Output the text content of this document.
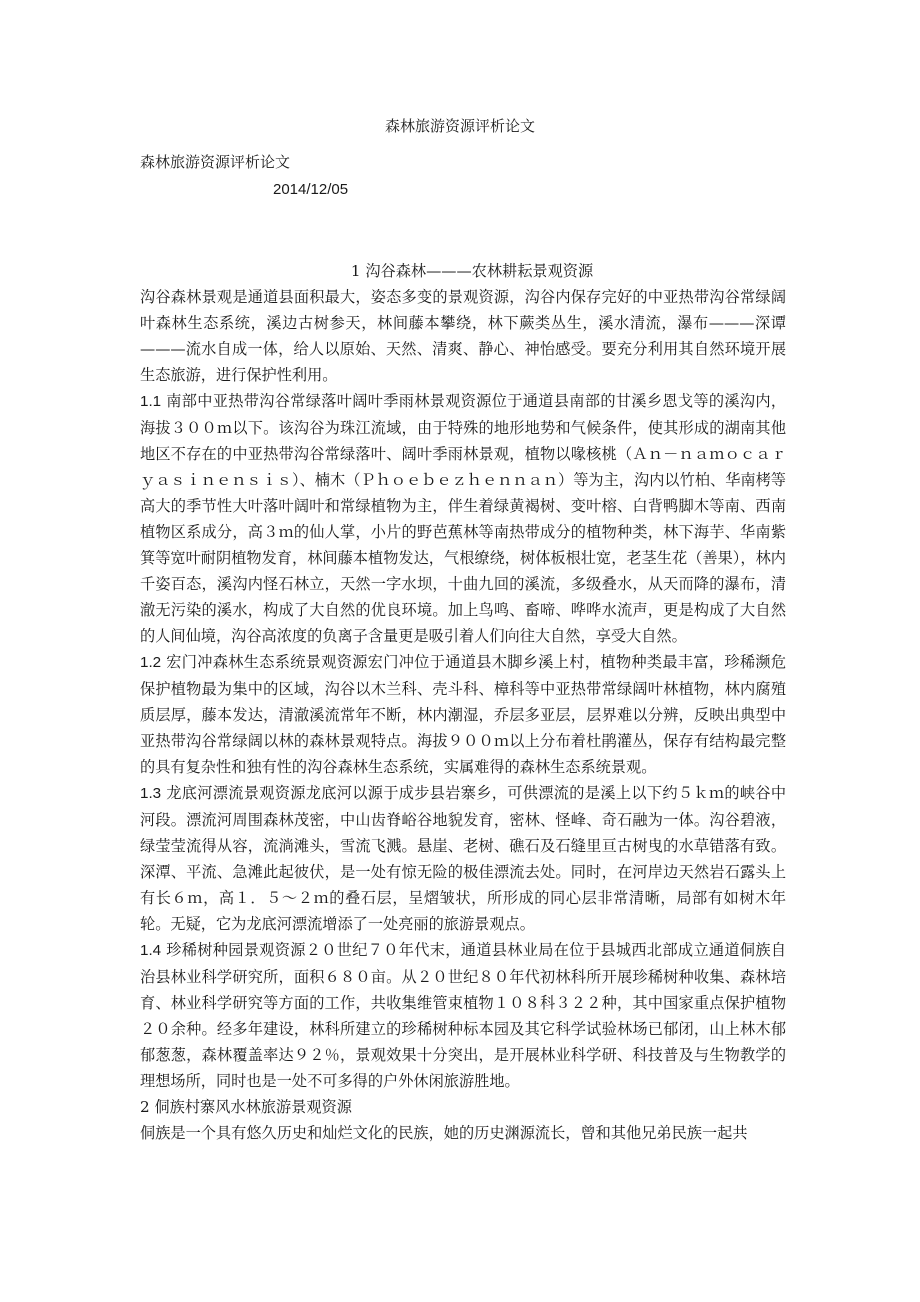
森林旅游资源评析论文
森林旅游资源评析论文
2014/12/05
1 沟谷森林———农林耕耘景观资源

沟谷森林景观是通道县面积最大，姿态多变的景观资源，沟谷内保存完好的中亚热带沟谷常绿阔叶森林生态系统，溪边古树参天，林间藤本攀绕，林下蕨类丛生，溪水清流，瀑布———深谭———流水自成一体，给人以原始、天然、清爽、静心、神怡感受。要充分利用其自然环境开展生态旅游，进行保护性利用。

1.1 南部中亚热带沟谷常绿落叶阔叶季雨林景观资源位于通道县南部的甘溪乡恩戈等的溪沟内，海拔３００ｍ以下。该沟谷为珠江流域，由于特殊的地形地势和气候条件，使其形成的湖南其他地区不存在的中亚热带沟谷常绿落叶、阔叶季雨林景观，植物以喙核桃（Ａｎ－ｎａｍｏｃａｒｙａｓｉｎｅｎｓｉｓ）、楠木（Ｐｈｏｅｂｅｚｈｅｎｎａｎ）等为主，沟内以竹柏、华南栲等高大的季节性大叶落叶阔叶和常绿植物为主，伴生着绿黄褐树、变叶榕、白背鸭脚木等南、西南植物区系成分，高３ｍ的仙人掌，小片的野芭蕉林等南热带成分的植物种类，林下海芋、华南紫箕等宽叶耐阴植物发育，林间藤本植物发达，气根缭绕，树体板根壮宽，老茎生花（善果），林内千姿百态，溪沟内怪石林立，天然一字水坝，十曲九回的溪流，多级叠水，从天而降的瀑布，清澈无污染的溪水，构成了大自然的优良环境。加上鸟鸣、畜啼、哗哗水流声，更是构成了大自然的人间仙境，沟谷高浓度的负离子含量更是吸引着人们向往大自然，享受大自然。

1.2 宏门冲森林生态系统景观资源宏门冲位于通道县木脚乡溪上村，植物种类最丰富，珍稀濒危保护植物最为集中的区域，沟谷以木兰科、壳斗科、樟科等中亚热带常绿阔叶林植物，林内腐殖质层厚，藤本发达，清澈溪流常年不断，林内潮湿，乔层多亚层，层界难以分辨，反映出典型中亚热带沟谷常绿阔以林的森林景观特点。海拔９００ｍ以上分布着杜鹃灌丛，保存有结构最完整的具有复杂性和独有性的沟谷森林生态系统，实属难得的森林生态系统景观。

1.3 龙底河漂流景观资源龙底河以源于成步县岩寨乡，可供漂流的是溪上以下约５ｋｍ的峡谷中河段。漂流河周围森林茂密，中山齿脊峪谷地貌发育，密林、怪峰、奇石融为一体。沟谷碧液，绿莹莹流得从容，流淌滩头，雪流飞溅。悬崖、老树、礁石及石缝里亘古树曳的水草错落有致。深潭、平流、急滩此起彼伏，是一处有惊无险的极佳漂流去处。同时，在河岸边天然岩石露头上有长６ｍ，高１．５～２ｍ的叠石层，呈熠皱状，所形成的同心层非常清晰，局部有如树木年轮。无疑，它为龙底河漂流增添了一处亮丽的旅游景观点。

1.4 珍稀树种园景观资源２０世纪７０年代末，通道县林业局在位于县城西北部成立通道侗族自治县林业科学研究所，面积６８０亩。从２０世纪８０年代初林科所开展珍稀树种收集、森林培育、林业科学研究等方面的工作，共收集维管束植物１０８科３２２种，其中国家重点保护植物２０余种。经多年建设，林科所建立的珍稀树种标本园及其它科学试验林场已郁闭，山上林木郁郁葱葱，森林覆盖率达９２％，景观效果十分突出，是开展林业科学研、科技普及与生物教学的理想场所，同时也是一处不可多得的户外休闲旅游胜地。

2 侗族村寨风水林旅游景观资源

侗族是一个具有悠久历史和灿烂文化的民族，她的历史渊源流长，曾和其他兄弟民族一起共
